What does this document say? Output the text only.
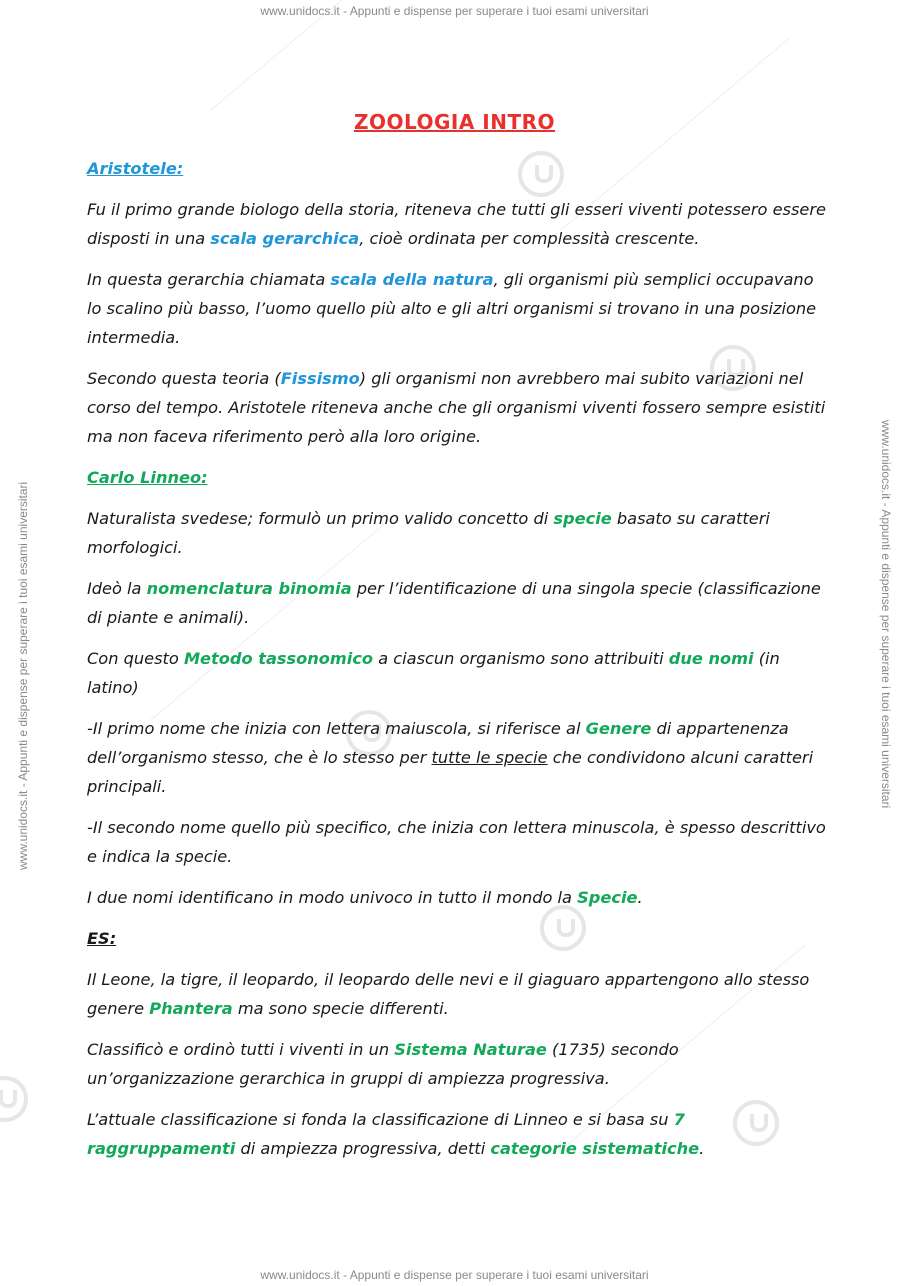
www.unidocs.it - Appunti e dispense per superare i tuoi esami universitari
www.unidocs.it - Appunti e dispense per superare i tuoi esami universitari
www.unidocs.it - Appunti e dispense per superare i tuoi esami universitari	www.unidocs.it - Appunti e dispense per superare i tuoi esami universitari
ZOOLOGIA INTRO

Aristotele:

Fu il primo grande biologo della storia, riteneva che tutti gli esseri viventi potessero essere disposti in una scala gerarchica, cioè ordinata per complessità crescente.

In questa gerarchia chiamata scala della natura, gli organismi più semplici occupavano lo scalino più basso, l’uomo quello più alto e gli altri organismi si trovano in una posizione intermedia.

Secondo questa teoria (Fissismo) gli organismi non avrebbero mai subito variazioni nel corso del tempo. Aristotele riteneva anche che gli organismi viventi fossero sempre esistiti ma non faceva riferimento però alla loro origine.

Carlo Linneo:

Naturalista svedese; formulò un primo valido concetto di specie basato su caratteri morfologici.

Ideò la nomenclatura binomia per l’identificazione di una singola specie (classificazione di piante e animali).

Con questo Metodo tassonomico a ciascun organismo sono attribuiti due nomi (in latino)

-Il primo nome che inizia con lettera maiuscola, si riferisce al Genere di appartenenza dell’organismo stesso, che è lo stesso per tutte le specie che condividono alcuni caratteri principali.

-Il secondo nome quello più specifico, che inizia con lettera minuscola, è spesso descrittivo e indica la specie.

I due nomi identificano in modo univoco in tutto il mondo la Specie.

ES:

Il Leone, la tigre, il leopardo, il leopardo delle nevi e il giaguaro appartengono allo stesso genere Phantera ma sono specie differenti.

Classificò e ordinò tutti i viventi in un Sistema Naturae (1735) secondo un’organizzazione gerarchica in gruppi di ampiezza progressiva.

L’attuale classificazione si fonda la classificazione di Linneo e si basa su 7 raggruppamenti di ampiezza progressiva, detti categorie sistematiche.
